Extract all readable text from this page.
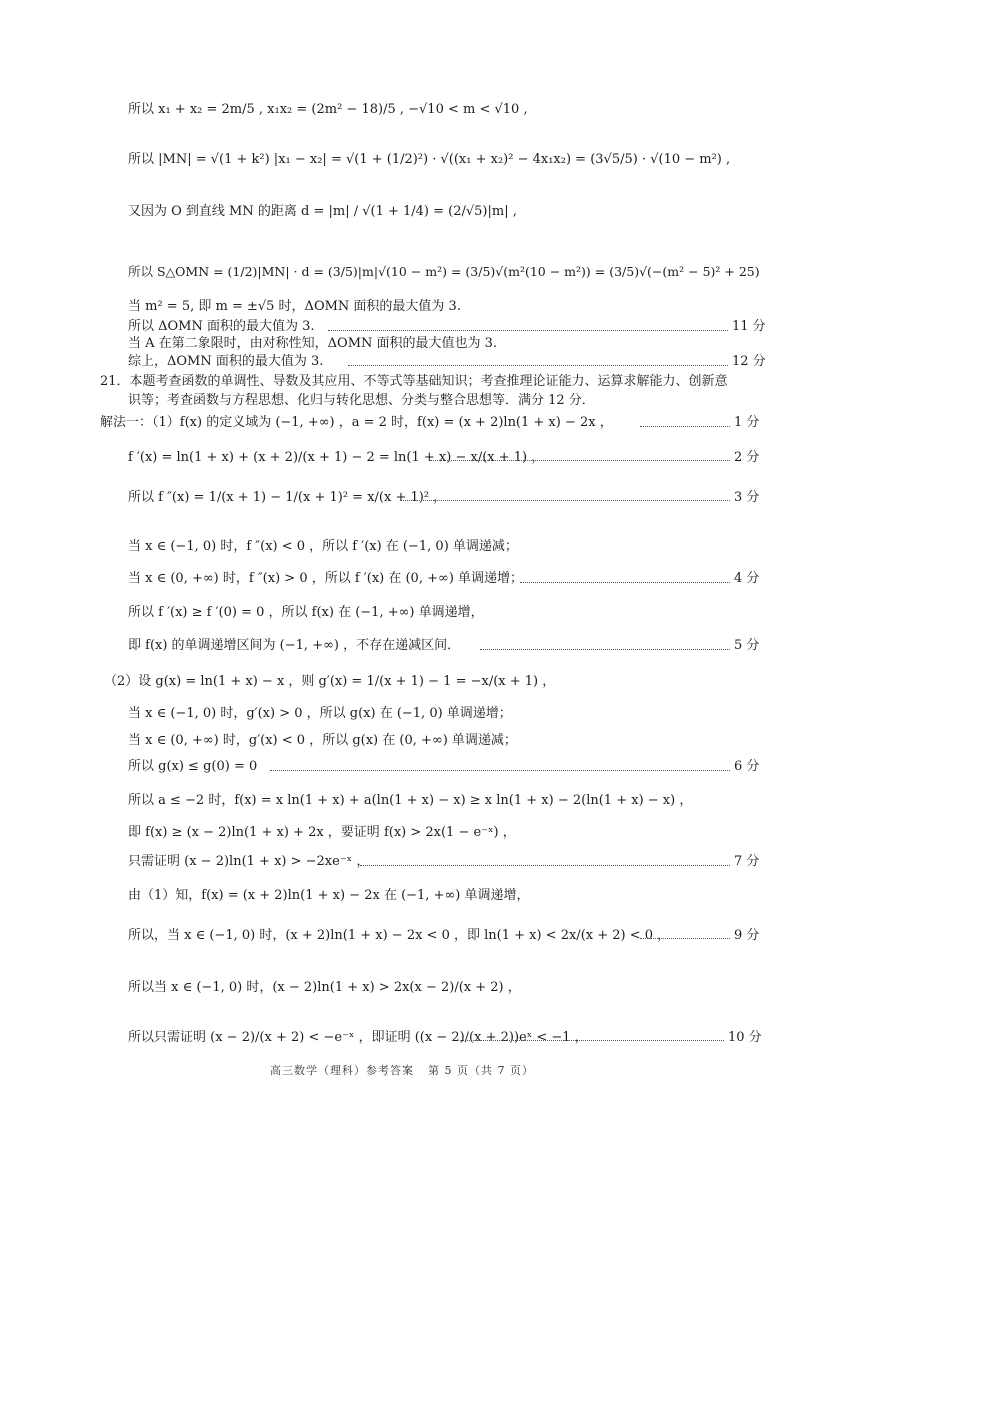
所以 x₁ + x₂ = 2m/5 , x₁x₂ = (2m² − 18)/5 , −√10 < m < √10 ,
所以 |MN| = √(1 + k²) |x₁ − x₂| = √(1 + (1/2)²) · √((x₁ + x₂)² − 4x₁x₂) = (3√5/5) · √(10 − m²) ,
又因为 O 到直线 MN 的距离 d = |m| / √(1 + 1/4) = (2/√5)|m| ,
所以 S△OMN = (1/2)|MN| · d = (3/5)|m|√(10 − m²) = (3/5)√(m²(10 − m²)) = (3/5)√(−(m² − 5)² + 25)
当 m² = 5, 即 m = ±√5 时，ΔOMN 面积的最大值为 3.
所以 ΔOMN 面积的最大值为 3.	11 分
当 A 在第二象限时，由对称性知，ΔOMN 面积的最大值也为 3.
综上，ΔOMN 面积的最大值为 3.	12 分
21．本题考查函数的单调性、导数及其应用、不等式等基础知识；考查推理论证能力、运算求解能力、创新意
识等；考查函数与方程思想、化归与转化思想、分类与整合思想等．满分 12 分．
解法一：（1）f(x) 的定义域为 (−1, +∞) ，a = 2 时，f(x) = (x + 2)ln(1 + x) − 2x ，	1 分
f ′(x) = ln(1 + x) + (x + 2)/(x + 1) − 2 = ln(1 + x) − x/(x + 1) ，	2 分
所以 f ″(x) = 1/(x + 1) − 1/(x + 1)² = x/(x + 1)² ，	3 分
当 x ∈ (−1, 0) 时，f ″(x) < 0 ，所以 f ′(x) 在 (−1, 0) 单调递减；
当 x ∈ (0, +∞) 时，f ″(x) > 0 ，所以 f ′(x) 在 (0, +∞) 单调递增；	4 分
所以 f ′(x) ≥ f ′(0) = 0 ，所以 f(x) 在 (−1, +∞) 单调递增，
即 f(x) 的单调递增区间为 (−1, +∞) ，不存在递减区间．	5 分
（2）设 g(x) = ln(1 + x) − x ，则 g′(x) = 1/(x + 1) − 1 = −x/(x + 1) ，
当 x ∈ (−1, 0) 时，g′(x) > 0 ，所以 g(x) 在 (−1, 0) 单调递增；
当 x ∈ (0, +∞) 时，g′(x) < 0 ，所以 g(x) 在 (0, +∞) 单调递减；
所以 g(x) ≤ g(0) = 0	6 分
所以 a ≤ −2 时，f(x) = x ln(1 + x) + a(ln(1 + x) − x) ≥ x ln(1 + x) − 2(ln(1 + x) − x) ，
即 f(x) ≥ (x − 2)ln(1 + x) + 2x ，要证明 f(x) > 2x(1 − e⁻ˣ) ，
只需证明 (x − 2)ln(1 + x) > −2xe⁻ˣ ，	7 分
由（1）知，f(x) = (x + 2)ln(1 + x) − 2x 在 (−1, +∞) 单调递增，
所以，当 x ∈ (−1, 0) 时，(x + 2)ln(1 + x) − 2x < 0 ，即 ln(1 + x) < 2x/(x + 2) < 0 ，	9 分
所以当 x ∈ (−1, 0) 时，(x − 2)ln(1 + x) > 2x(x − 2)/(x + 2) ，
所以只需证明 (x − 2)/(x + 2) < −e⁻ˣ ，即证明 ((x − 2)/(x + 2))eˣ < −1 ，	10 分
高三数学（理科）参考答案 第 5 页（共 7 页）
